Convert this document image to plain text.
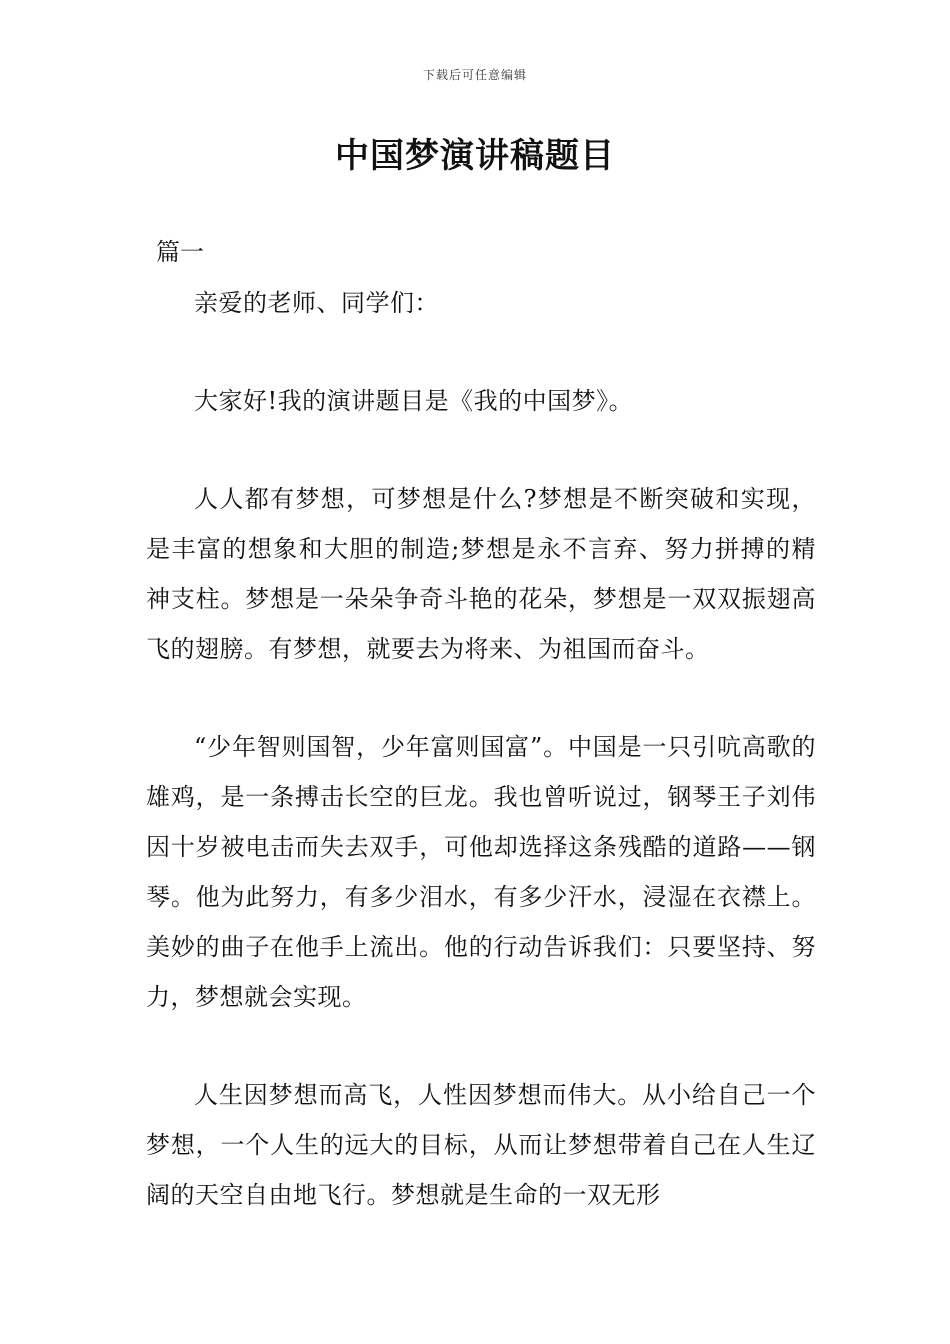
下载后可任意编辑
中国梦演讲稿题目
篇一

亲爱的老师、同学们：

大家好!我的演讲题目是《我的中国梦》。

人人都有梦想，可梦想是什么?梦想是不断突破和实现，是丰富的想象和大胆的制造;梦想是永不言弃、努力拼搏的精神支柱。梦想是一朵朵争奇斗艳的花朵，梦想是一双双振翅高飞的翅膀。有梦想，就要去为将来、为祖国而奋斗。

“少年智则国智，少年富则国富”。中国是一只引吭高歌的雄鸡，是一条搏击长空的巨龙。我也曾听说过，钢琴王子刘伟因十岁被电击而失去双手，可他却选择这条残酷的道路——钢琴。他为此努力，有多少泪水，有多少汗水，浸湿在衣襟上。美妙的曲子在他手上流出。他的行动告诉我们：只要坚持、努力，梦想就会实现。

人生因梦想而高飞，人性因梦想而伟大。从小给自己一个梦想，一个人生的远大的目标，从而让梦想带着自己在人生辽阔的天空自由地飞行。梦想就是生命的一双无形
